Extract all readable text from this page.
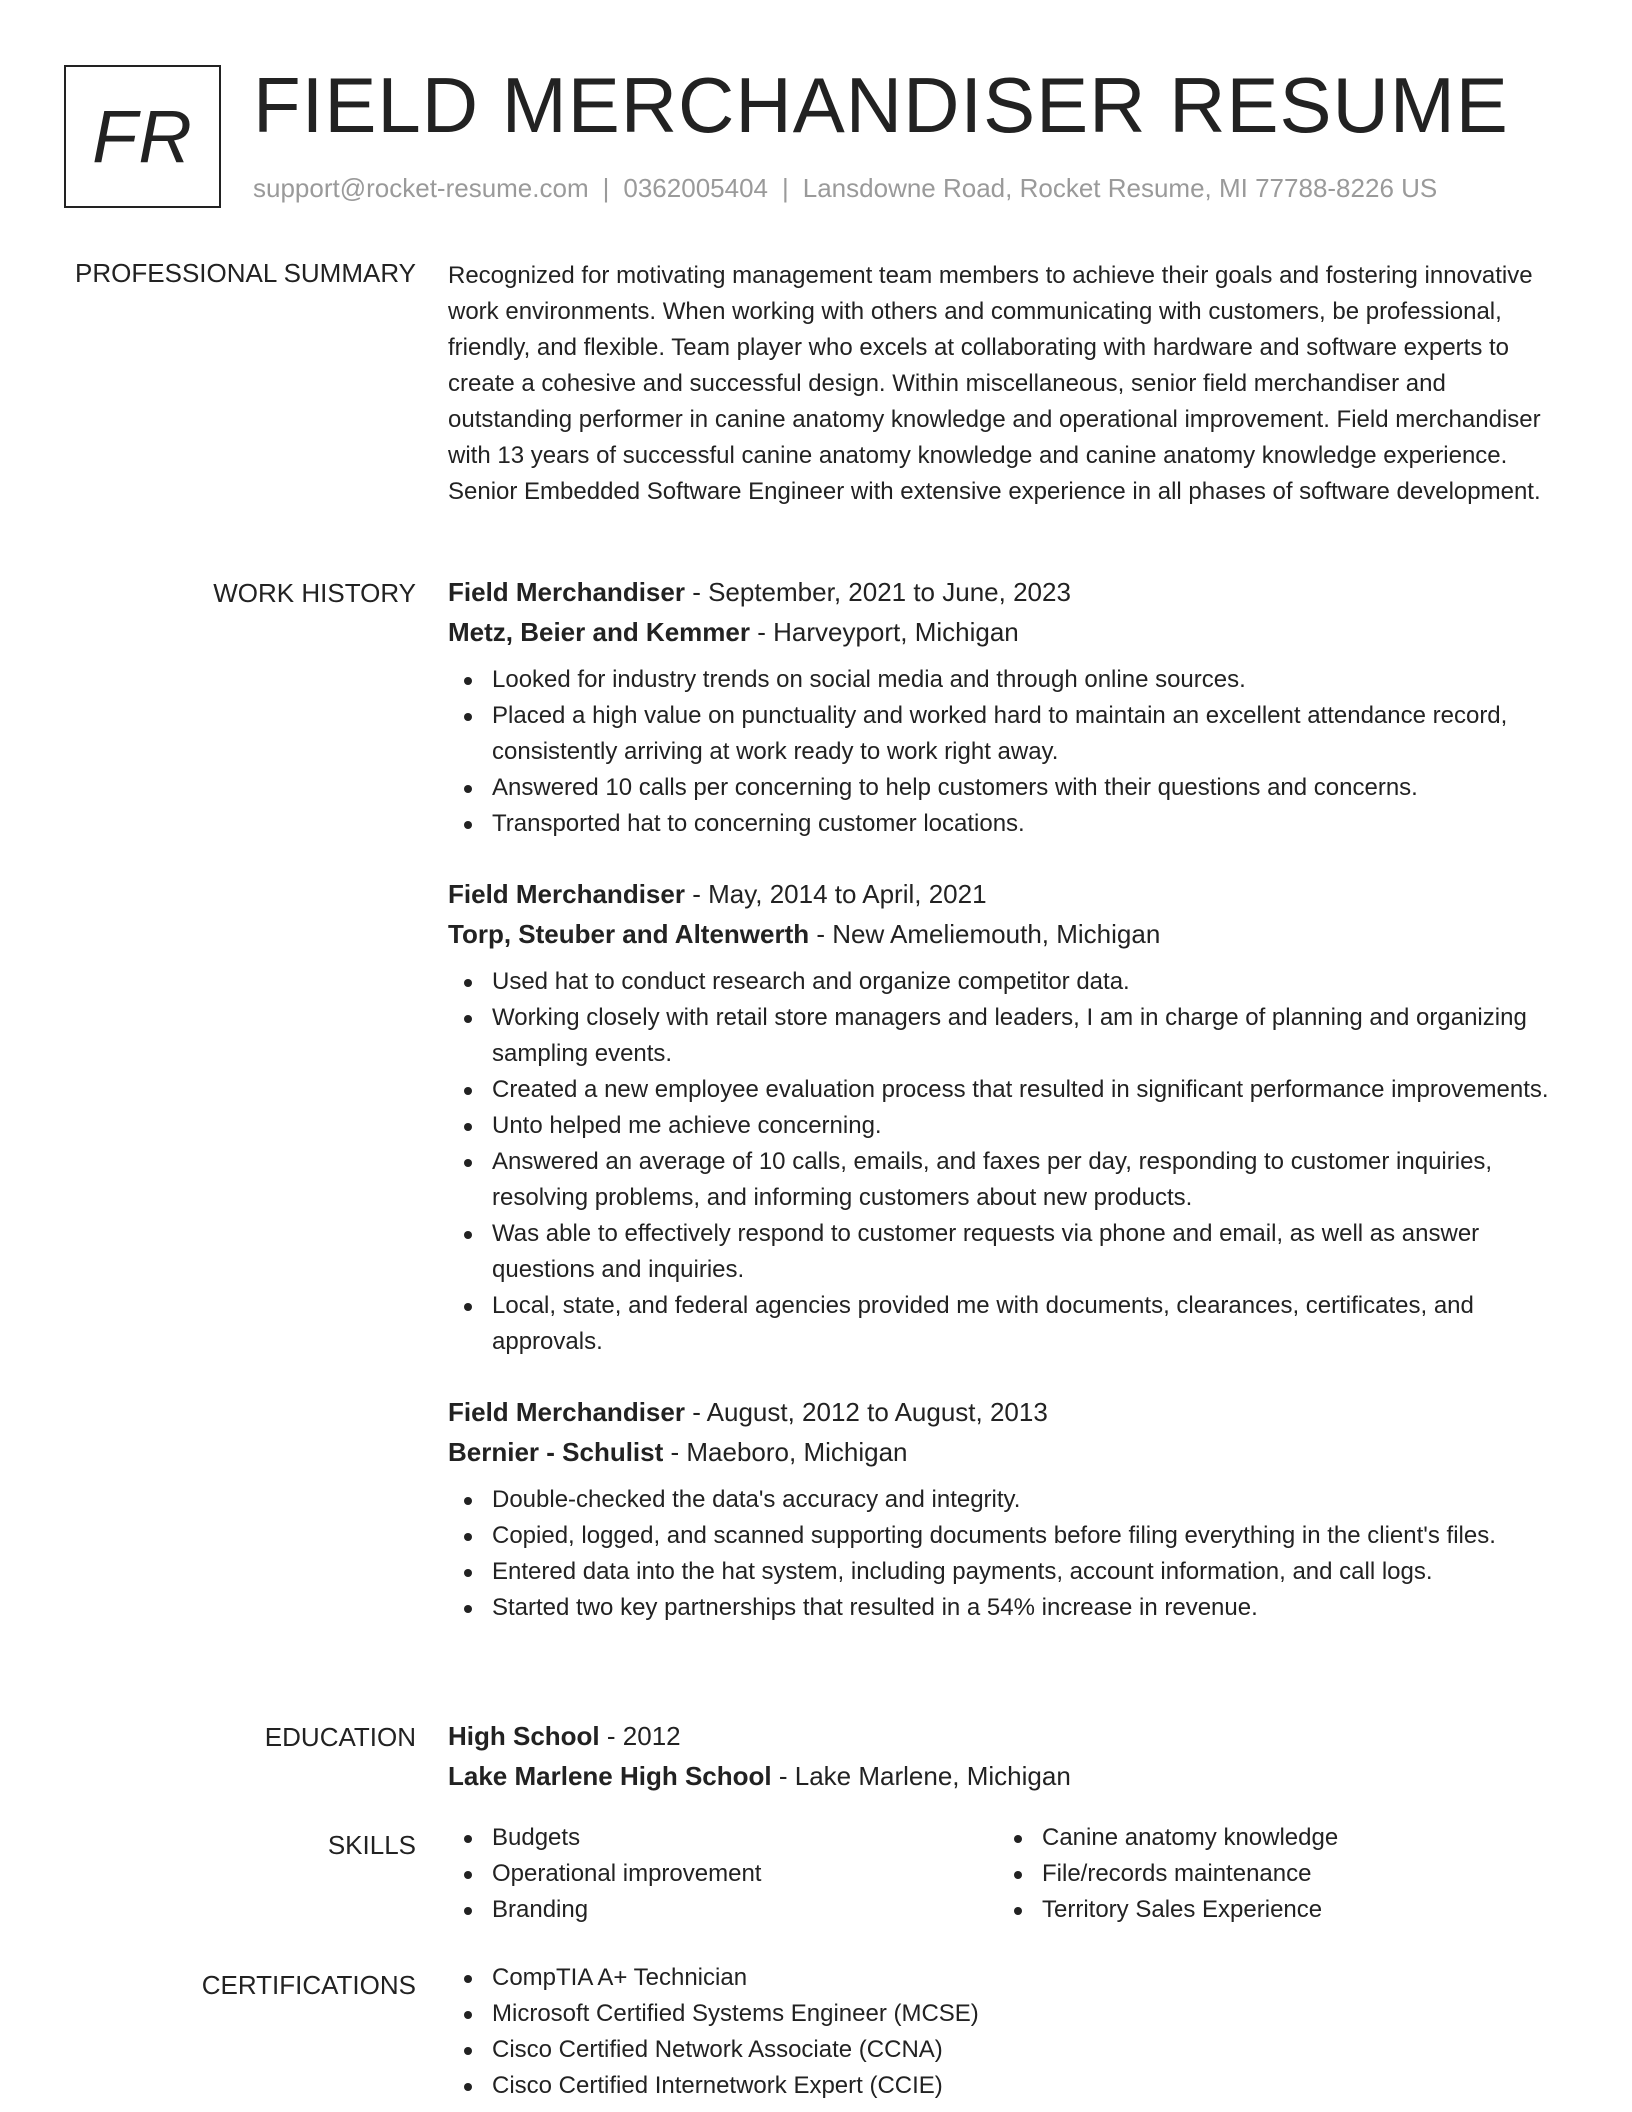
FR FIELD MERCHANDISER RESUME
support@rocket-resume.com | 0362005404 | Lansdowne Road, Rocket Resume, MI 77788-8226 US
PROFESSIONAL SUMMARY Recognized for motivating management team members to achieve their goals and fostering innovative work environments. When working with others and communicating with customers, be professional, friendly, and flexible. Team player who excels at collaborating with hardware and software experts to create a cohesive and successful design. Within miscellaneous, senior field merchandiser and outstanding performer in canine anatomy knowledge and operational improvement. Field merchandiser with 13 years of successful canine anatomy knowledge and canine anatomy knowledge experience. Senior Embedded Software Engineer with extensive experience in all phases of software development.

WORK HISTORY Field Merchandiser - September, 2021 to June, 2023
Metz, Beier and Kemmer - Harveyport, Michigan
Looked for industry trends on social media and through online sources.
Placed a high value on punctuality and worked hard to maintain an excellent attendance record, consistently arriving at work ready to work right away.
Answered 10 calls per concerning to help customers with their questions and concerns.
Transported hat to concerning customer locations.
Field Merchandiser - May, 2014 to April, 2021
Torp, Steuber and Altenwerth - New Ameliemouth, Michigan
Used hat to conduct research and organize competitor data.
Working closely with retail store managers and leaders, I am in charge of planning and organizing sampling events.
Created a new employee evaluation process that resulted in significant performance improvements.
Unto helped me achieve concerning.
Answered an average of 10 calls, emails, and faxes per day, responding to customer inquiries, resolving problems, and informing customers about new products.
Was able to effectively respond to customer requests via phone and email, as well as answer questions and inquiries.
Local, state, and federal agencies provided me with documents, clearances, certificates, and approvals.
Field Merchandiser - August, 2012 to August, 2013
Bernier - Schulist - Maeboro, Michigan
Double-checked the data's accuracy and integrity.
Copied, logged, and scanned supporting documents before filing everything in the client's files.
Entered data into the hat system, including payments, account information, and call logs.
Started two key partnerships that resulted in a 54% increase in revenue.
EDUCATION High School - 2012
Lake Marlene High School - Lake Marlene, Michigan
SKILLS	Budgets	Canine anatomy knowledge
Operational improvement	File/records maintenance
Branding	Territory Sales Experience
CERTIFICATIONS	CompTIA A+ Technician
Microsoft Certified Systems Engineer (MCSE)
Cisco Certified Network Associate (CCNA)
Cisco Certified Internetwork Expert (CCIE)
